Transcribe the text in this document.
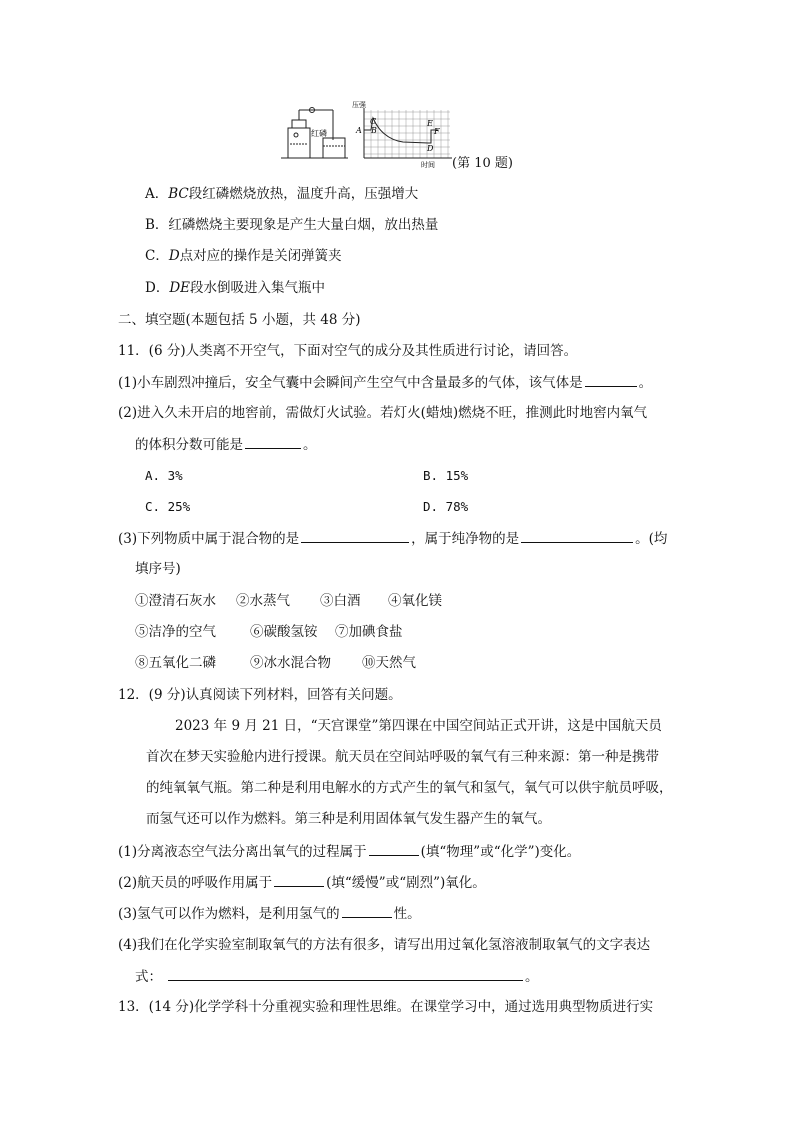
红磷
压强
A B
C
D
E
F
时间 (第 10 题)
A．BC段红磷燃烧放热，温度升高，压强增大
B．红磷燃烧主要现象是产生大量白烟，放出热量
C．D点对应的操作是关闭弹簧夹
D．DE段水倒吸进入集气瓶中
二、填空题(本题包括 5 小题，共 48 分)
11．(6 分)人类离不开空气，下面对空气的成分及其性质进行讨论，请回答。
(1)小车剧烈冲撞后，安全气囊中会瞬间产生空气中含量最多的气体，该气体是	。
(2)进入久未开启的地窖前，需做灯火试验。若灯火(蜡烛)燃烧不旺，推测此时地窖内氧气
的体积分数可能是	。
A. 3%	B. 15%
C. 25%	D. 78%
(3)下列物质中属于混合物的是	，属于纯净物的是	。(均
填序号)
①澄清石灰水 ②水蒸气 ③白酒 ④氧化镁
⑤洁净的空气	⑥碳酸氢铵 ⑦加碘食盐
⑧五氧化二磷	⑨冰水混合物 ⑩天然气
12．(9 分)认真阅读下列材料，回答有关问题。
2023 年 9 月 21 日，“天宫课堂”第四课在中国空间站正式开讲，这是中国航天员
首次在梦天实验舱内进行授课。航天员在空间站呼吸的氧气有三种来源：第一种是携带
的纯氧氧气瓶。第二种是利用电解水的方式产生的氧气和氢气，氧气可以供宇航员呼吸，
而氢气还可以作为燃料。第三种是利用固体氧气发生器产生的氧气。
(1)分离液态空气法分离出氧气的过程属于	(填“物理”或“化学”)变化。
(2)航天员的呼吸作用属于	(填“缓慢”或“剧烈”)氧化。
(3)氢气可以作为燃料，是利用氢气的	性。
(4)我们在化学实验室制取氧气的方法有很多，请写出用过氧化氢溶液制取氧气的文字表达
式：	。
13．(14 分)化学学科十分重视实验和理性思维。在课堂学习中，通过选用典型物质进行实
